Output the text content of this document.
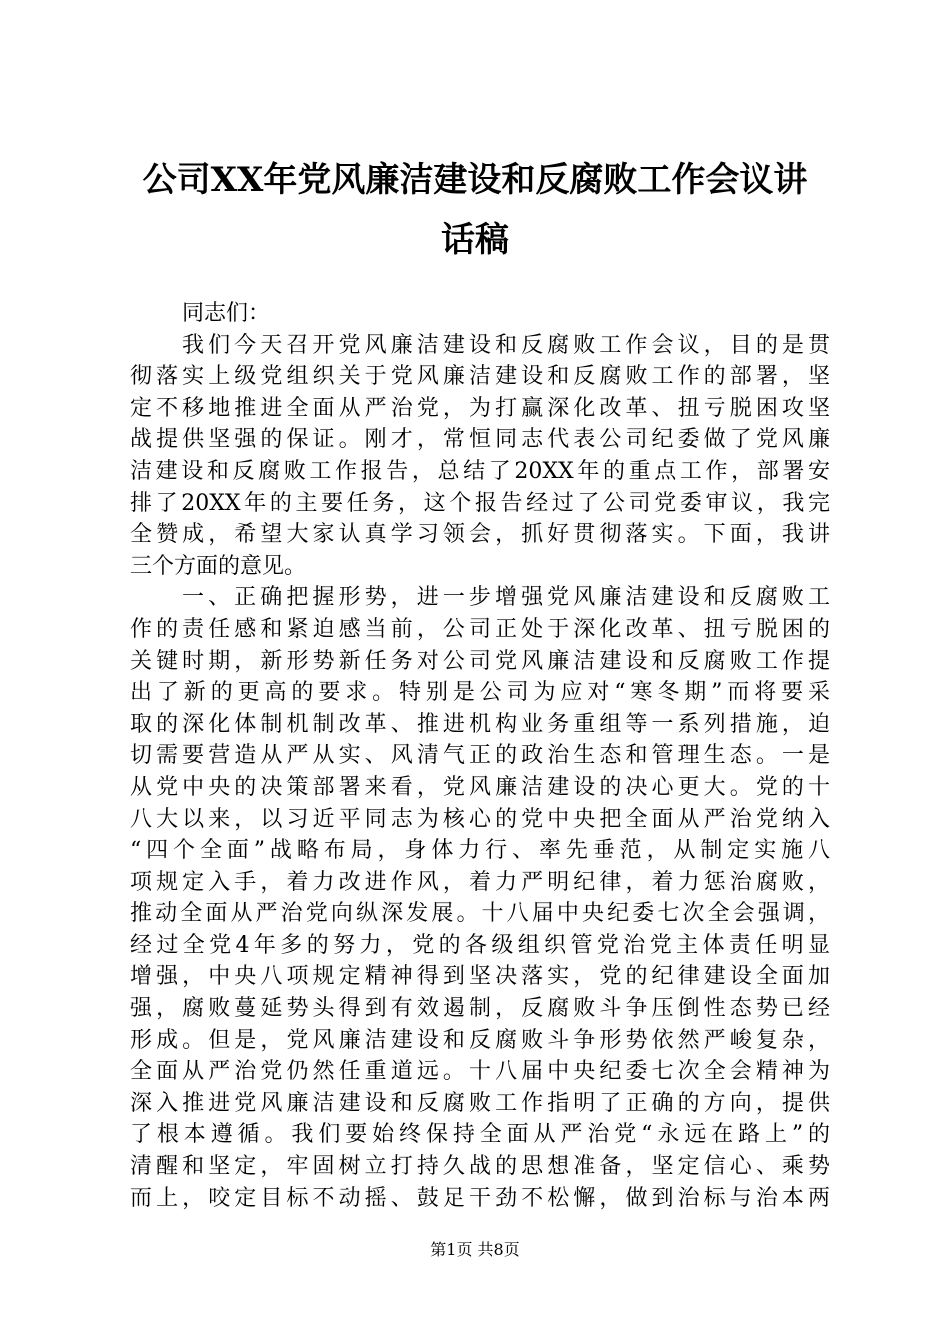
公司XX年党风廉洁建设和反腐败工作会议讲
话稿
同志们：
我们今天召开党风廉洁建设和反腐败工作会议，目的是贯
彻落实上级党组织关于党风廉洁建设和反腐败工作的部署，坚
定不移地推进全面从严治党，为打赢深化改革、扭亏脱困攻坚
战提供坚强的保证。刚才，常恒同志代表公司纪委做了党风廉
洁建设和反腐败工作报告，总结了20XX年的重点工作，部署安
排了20XX年的主要任务，这个报告经过了公司党委审议，我完
全赞成，希望大家认真学习领会，抓好贯彻落实。下面，我讲
三个方面的意见。
一、正确把握形势，进一步增强党风廉洁建设和反腐败工
作的责任感和紧迫感当前，公司正处于深化改革、扭亏脱困的
关键时期，新形势新任务对公司党风廉洁建设和反腐败工作提
出了新的更高的要求。特别是公司为应对“寒冬期”而将要采
取的深化体制机制改革、推进机构业务重组等一系列措施，迫
切需要营造从严从实、风清气正的政治生态和管理生态。一是
从党中央的决策部署来看，党风廉洁建设的决心更大。党的十
八大以来，以习近平同志为核心的党中央把全面从严治党纳入
“四个全面”战略布局，身体力行、率先垂范，从制定实施八
项规定入手，着力改进作风，着力严明纪律，着力惩治腐败，
推动全面从严治党向纵深发展。十八届中央纪委七次全会强调，
经过全党4年多的努力，党的各级组织管党治党主体责任明显
增强，中央八项规定精神得到坚决落实，党的纪律建设全面加
强，腐败蔓延势头得到有效遏制，反腐败斗争压倒性态势已经
形成。但是，党风廉洁建设和反腐败斗争形势依然严峻复杂，
全面从严治党仍然任重道远。十八届中央纪委七次全会精神为
深入推进党风廉洁建设和反腐败工作指明了正确的方向，提供
了根本遵循。我们要始终保持全面从严治党“永远在路上”的
清醒和坚定，牢固树立打持久战的思想准备，坚定信心、乘势
而上，咬定目标不动摇、鼓足干劲不松懈，做到治标与治本两
第1页 共8页
